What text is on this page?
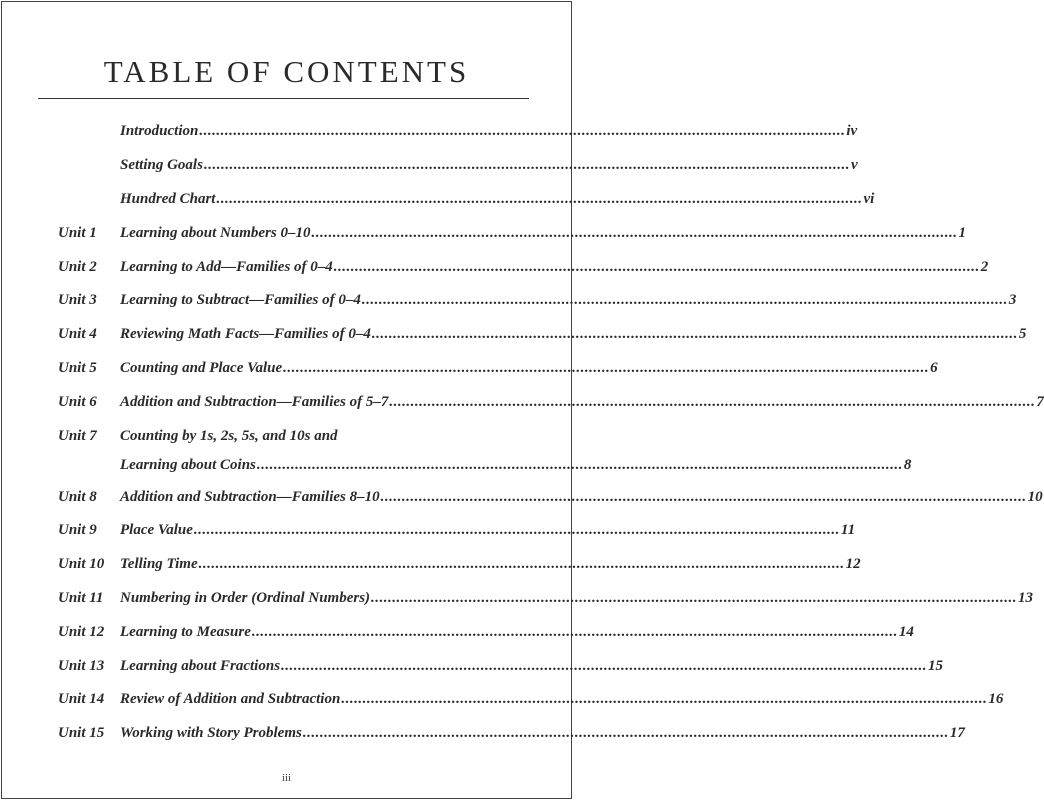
TABLE OF CONTENTS
Introduction .....	iv
Setting Goals .....	v
Hundred Chart .....	vi
Unit 1	Learning about Numbers 0–10 .....	1
Unit 2	Learning to Add—Families of 0–4 .....	2
Unit 3	Learning to Subtract—Families of 0–4 .....	3
Unit 4	Reviewing Math Facts—Families of 0–4 .....	5
Unit 5	Counting and Place Value .....	6
Unit 6	Addition and Subtraction—Families of 5–7 .....	7
Unit 7	Counting by 1s, 2s, 5s, and 10s and
Learning about Coins .....	8
Unit 8	Addition and Subtraction—Families 8–10 .....	10
Unit 9	Place Value .....	11
Unit 10	Telling Time .....	12
Unit 11	Numbering in Order (Ordinal Numbers) .....	13
Unit 12	Learning to Measure .....	14
Unit 13	Learning about Fractions .....	15
Unit 14	Review of Addition and Subtraction .....	16
Unit 15	Working with Story Problems .....	17
iii
